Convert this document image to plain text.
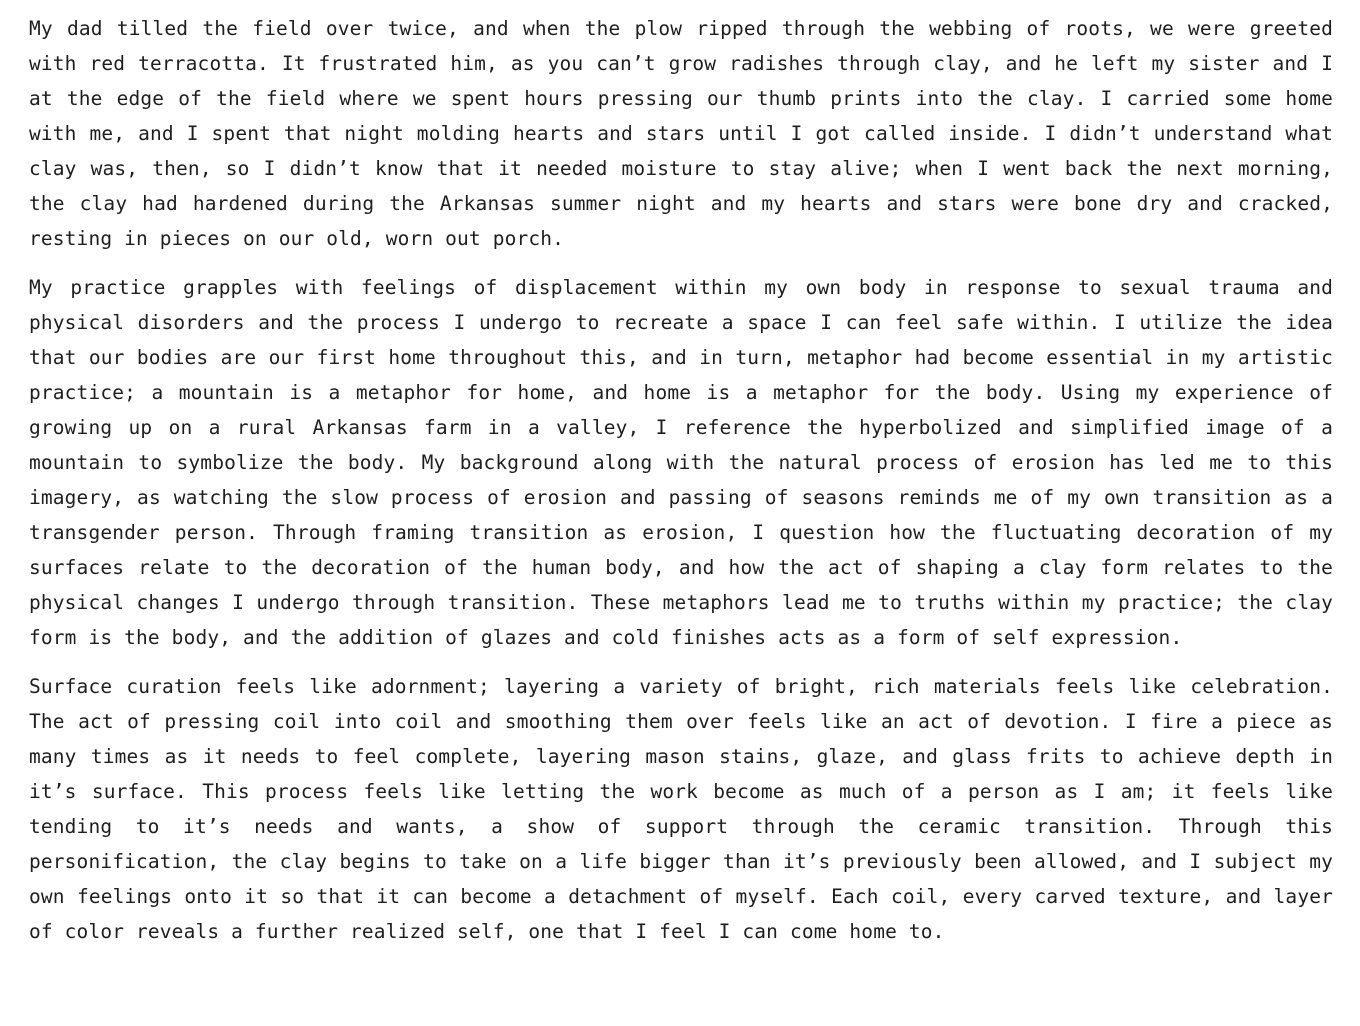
My dad tilled the field over twice, and when the plow ripped through the webbing of roots, we were greeted with red terracotta. It frustrated him, as you can’t grow radishes through clay, and he left my sister and I at the edge of the field where we spent hours pressing our thumb prints into the clay. I carried some home with me, and I spent that night molding hearts and stars until I got called inside. I didn’t understand what clay was, then, so I didn’t know that it needed moisture to stay alive; when I went back the next morning, the clay had hardened during the Arkansas summer night and my hearts and stars were bone dry and cracked, resting in pieces on our old, worn out porch.

My practice grapples with feelings of displacement within my own body in response to sexual trauma and physical disorders and the process I undergo to recreate a space I can feel safe within. I utilize the idea that our bodies are our first home throughout this, and in turn, metaphor had become essential in my artistic practice; a mountain is a metaphor for home, and home is a metaphor for the body. Using my experience of growing up on a rural Arkansas farm in a valley, I reference the hyperbolized and simplified image of a mountain to symbolize the body. My background along with the natural process of erosion has led me to this imagery, as watching the slow process of erosion and passing of seasons reminds me of my own transition as a transgender person. Through framing transition as erosion, I question how the fluctuating decoration of my surfaces relate to the decoration of the human body, and how the act of shaping a clay form relates to the physical changes I undergo through transition. These metaphors lead me to truths within my practice; the clay form is the body, and the addition of glazes and cold finishes acts as a form of self expression.

Surface curation feels like adornment; layering a variety of bright, rich materials feels like celebration. The act of pressing coil into coil and smoothing them over feels like an act of devotion. I fire a piece as many times as it needs to feel complete, layering mason stains, glaze, and glass frits to achieve depth in it’s surface. This process feels like letting the work become as much of a person as I am; it feels like tending to it’s needs and wants, a show of support through the ceramic transition. Through this personification, the clay begins to take on a life bigger than it’s previously been allowed, and I subject my own feelings onto it so that it can become a detachment of myself. Each coil, every carved texture, and layer of color reveals a further realized self, one that I feel I can come home to.
